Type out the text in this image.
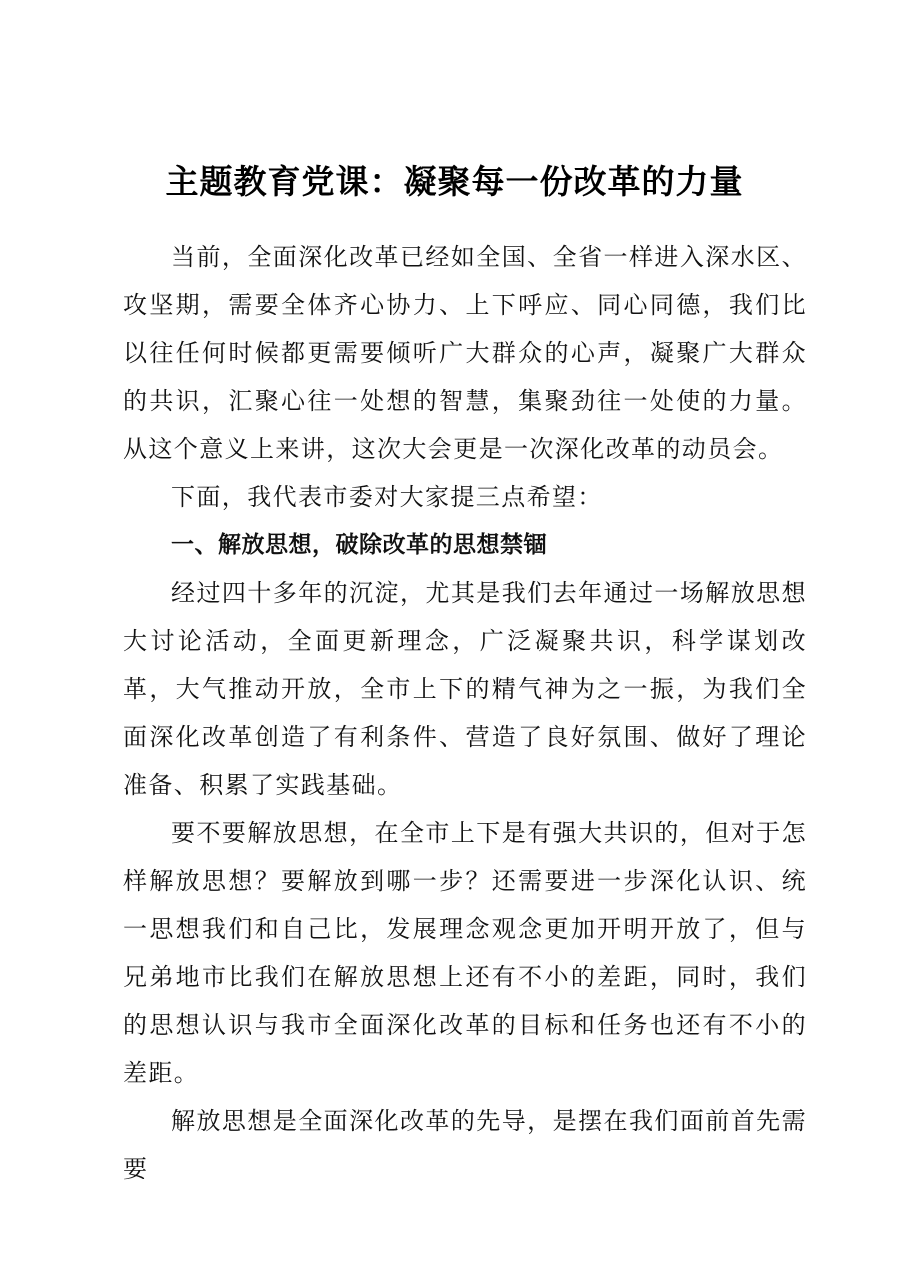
主题教育党课：凝聚每一份改革的力量

当前，全面深化改革已经如全国、全省一样进入深水区、攻坚期，需要全体齐心协力、上下呼应、同心同德，我们比以往任何时候都更需要倾听广大群众的心声，凝聚广大群众的共识，汇聚心往一处想的智慧，集聚劲往一处使的力量。从这个意义上来讲，这次大会更是一次深化改革的动员会。

下面，我代表市委对大家提三点希望：

一、解放思想，破除改革的思想禁锢

经过四十多年的沉淀，尤其是我们去年通过一场解放思想大讨论活动，全面更新理念，广泛凝聚共识，科学谋划改革，大气推动开放，全市上下的精气神为之一振，为我们全面深化改革创造了有利条件、营造了良好氛围、做好了理论准备、积累了实践基础。

要不要解放思想，在全市上下是有强大共识的，但对于怎样解放思想？要解放到哪一步？还需要进一步深化认识、统一思想我们和自己比，发展理念观念更加开明开放了，但与兄弟地市比我们在解放思想上还有不小的差距，同时，我们的思想认识与我市全面深化改革的目标和任务也还有不小的差距。

解放思想是全面深化改革的先导，是摆在我们面前首先需要
